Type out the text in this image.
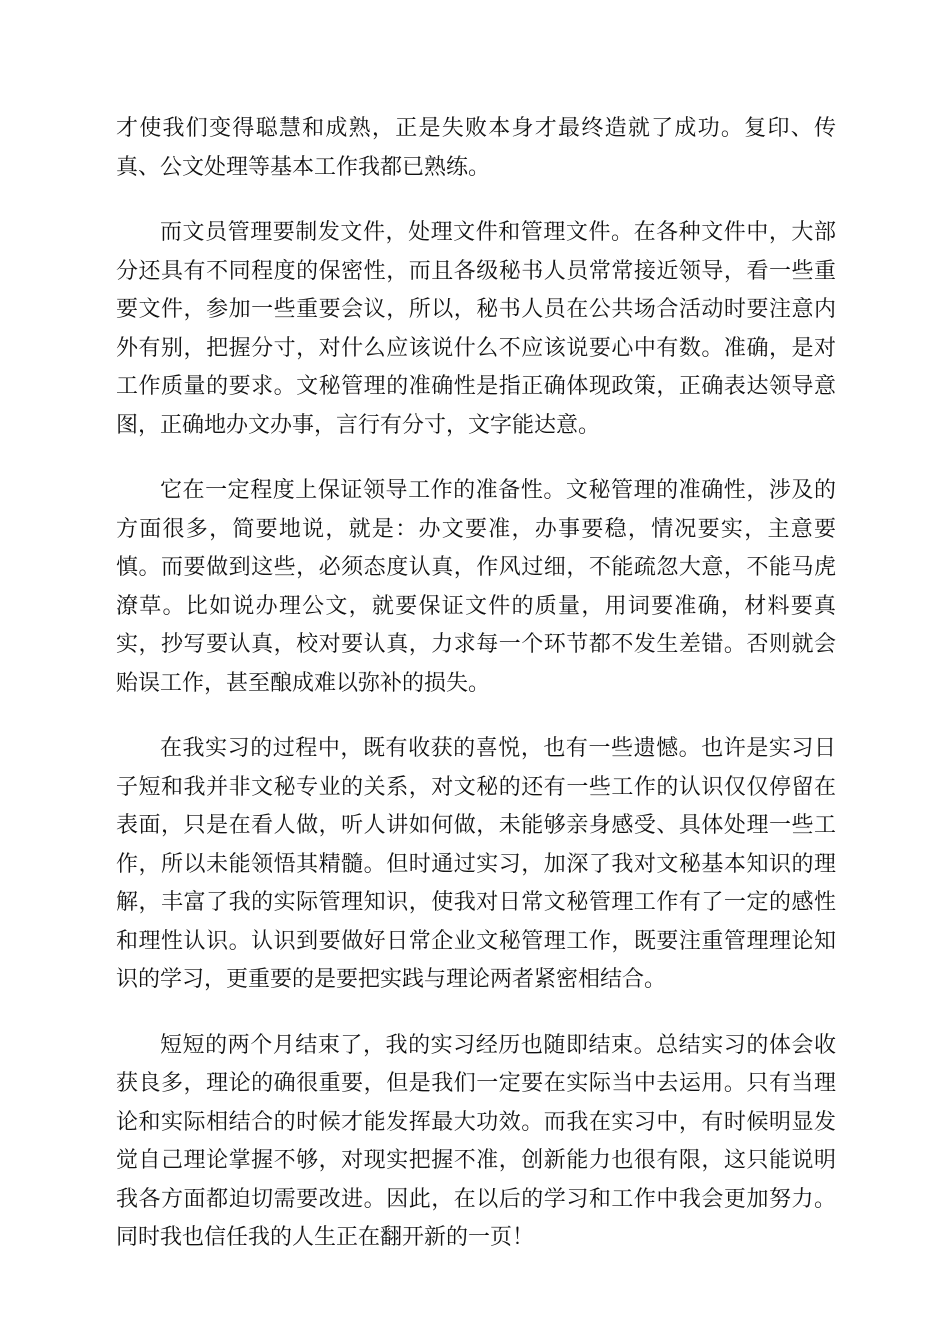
才使我们变得聪慧和成熟，正是失败本身才最终造就了成功。复印、传真、公文处理等基本工作我都已熟练。

而文员管理要制发文件，处理文件和管理文件。在各种文件中，大部分还具有不同程度的保密性，而且各级秘书人员常常接近领导，看一些重要文件，参加一些重要会议，所以，秘书人员在公共场合活动时要注意内外有别，把握分寸，对什么应该说什么不应该说要心中有数。准确，是对工作质量的要求。文秘管理的准确性是指正确体现政策，正确表达领导意图，正确地办文办事，言行有分寸，文字能达意。

它在一定程度上保证领导工作的准备性。文秘管理的准确性，涉及的方面很多，简要地说，就是：办文要准，办事要稳，情况要实，主意要慎。而要做到这些，必须态度认真，作风过细，不能疏忽大意，不能马虎潦草。比如说办理公文，就要保证文件的质量，用词要准确，材料要真实，抄写要认真，校对要认真，力求每一个环节都不发生差错。否则就会贻误工作，甚至酿成难以弥补的损失。

在我实习的过程中，既有收获的喜悦，也有一些遗憾。也许是实习日子短和我并非文秘专业的关系，对文秘的还有一些工作的认识仅仅停留在表面，只是在看人做，听人讲如何做，未能够亲身感受、具体处理一些工作，所以未能领悟其精髓。但时通过实习，加深了我对文秘基本知识的理解，丰富了我的实际管理知识，使我对日常文秘管理工作有了一定的感性和理性认识。认识到要做好日常企业文秘管理工作，既要注重管理理论知识的学习，更重要的是要把实践与理论两者紧密相结合。

短短的两个月结束了，我的实习经历也随即结束。总结实习的体会收获良多，理论的确很重要，但是我们一定要在实际当中去运用。只有当理论和实际相结合的时候才能发挥最大功效。而我在实习中，有时候明显发觉自己理论掌握不够，对现实把握不准，创新能力也很有限，这只能说明我各方面都迫切需要改进。因此，在以后的学习和工作中我会更加努力。同时我也信任我的人生正在翻开新的一页！
